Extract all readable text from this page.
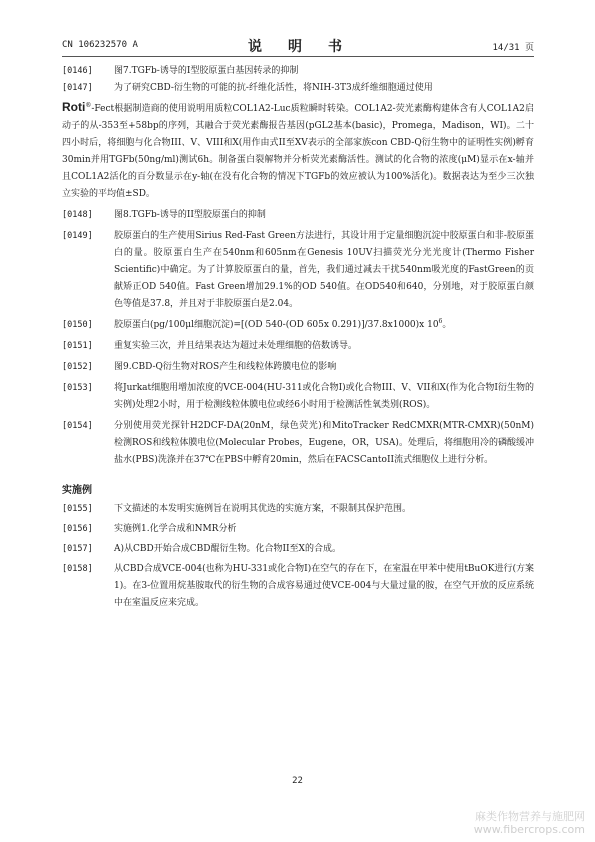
CN 106232570 A	说　明　书	14/31 页
[0146] 图7.TGFb-诱导的I型胶原蛋白基因转录的抑制
[0147] 为了研究CBD-衍生物的可能的抗-纤维化活性，将NIH-3T3成纤维细胞通过使用
Roti®-Fect根据制造商的使用说明用质粒COL1A2-Luc质粒瞬时转染。COL1A2-荧光素酶构建体含有人COL1A2启动子的从-353至+58bp的序列，其融合于荧光素酶报告基因(pGL2基本(basic)，Promega，Madison，WI)。二十四小时后，将细胞与化合物III、V、VIII和X(用作由式II至XV表示的全部家族con CBD-Q衍生物中的证明性实例)孵育30min并用TGFb(50ng/ml)测试6h。制备蛋白裂解物并分析荧光素酶活性。测试的化合物的浓度(μM)显示在x-轴并且COL1A2活化的百分数显示在y-轴(在没有化合物的情况下TGFb的效应被认为100%活化)。数据表达为至少三次独立实验的平均值±SD。
[0148] 图8.TGFb-诱导的II型胶原蛋白的抑制
[0149] 胶原蛋白的生产使用Sirius Red-Fast Green方法进行，其设计用于定量细胞沉淀中胶原蛋白和非-胶原蛋白的量。胶原蛋白生产在540nm和605nm在Genesis 10UV扫描荧光分光光度计(Thermo Fisher Scientific)中确定。为了计算胶原蛋白的量，首先，我们通过减去干扰540nm吸光度的FastGreen的贡献矫正OD 540值。Fast Green增加29.1%的OD 540值。在OD540和640，分别地，对于胶原蛋白颜色等值是37.8，并且对于非胶原蛋白是2.04。
[0150] 胶原蛋白(pg/100μl细胞沉淀)=[(OD 540-(OD 605x 0.291)]/37.8x1000)x $10^6$。
[0151] 重复实验三次，并且结果表达为超过未处理细胞的倍数诱导。
[0152] 图9.CBD-Q衍生物对ROS产生和线粒体跨膜电位的影响
[0153] 将Jurkat细胞用增加浓度的VCE-004(HU-311或化合物I)或化合物III、V、VII和X(作为化合物I衍生物的实例)处理2小时，用于检测线粒体膜电位或经6小时用于检测活性氧类别(ROS)。
[0154] 分别使用荧光探针H2DCF-DA(20nM，绿色荧光)和MitoTracker RedCMXR(MTR-CMXR)(50nM)检测ROS和线粒体膜电位(Molecular Probes，Eugene，OR，USA)。处理后，将细胞用冷的磷酸缓冲盐水(PBS)洗涤并在37℃在PBS中孵育20min，然后在FACSCantoII流式细胞仪上进行分析。
实施例
[0155] 下文描述的本发明实施例旨在说明其优选的实施方案，不限制其保护范围。
[0156] 实施例1.化学合成和NMR分析
[0157] A)从CBD开始合成CBD醌衍生物。化合物II至X的合成。
[0158] 从CBD合成VCE-004(也称为HU-331或化合物I)在空气的存在下，在室温在甲苯中使用tBuOK进行(方案1)。在3-位置用烷基胺取代的衍生物的合成容易通过使VCE-004与大量过量的胺，在空气开放的反应系统中在室温反应来完成。
22
麻类作物营养与施肥网
www.fibercrops.com
